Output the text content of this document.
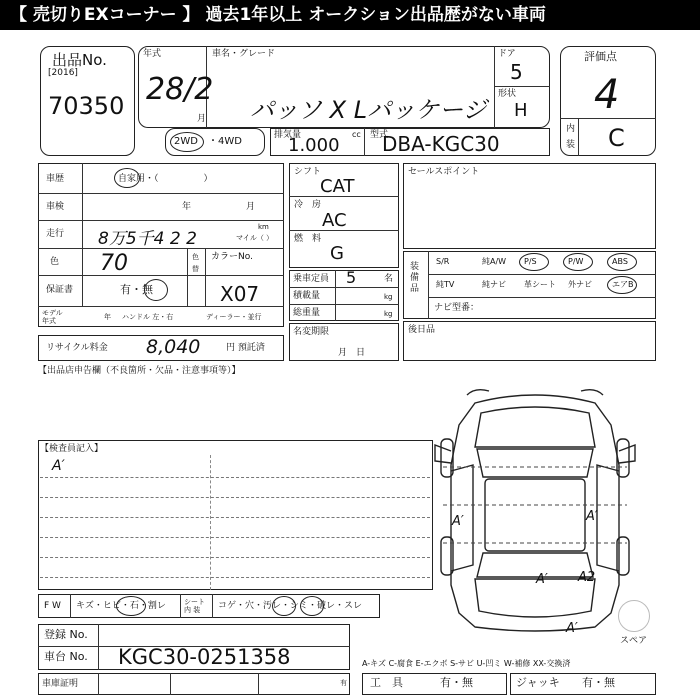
【 売切りEXコーナー 】 過去1年以上 オークション出品歴がない車両
出品No.
[2016]
70350
年式
28/2
月
車名・グレード
パッソ X Lパッケージ
ドア
5
形状
H
評価点
4
内
装 C
2WD ・4WD
排気量	cc
1.000	型式
DBA-KGC30
車歴	自家用・（　　　　　）
車検	年	月
走行 8万5千4 2 2
km
マイル（ ）
色 70	色
替
カラーNo.
X07
保証書	有・無
モデル
年式	年 ハンドル 左・右	ディーラー・並行
リサイクル料金 8,040	円 預託済
シフト
CAT
冷　房
AC
燃　料
G
乗車定員 5	名
積載量	kg
総重量	kg
名変期限
月　日
セールスポイント
装備品
S/R	純A/W P/S	P/W	ABS
純TV	純ナビ 革シート 外ナビ	エアB
ナビ型番：
後日品
【出品店申告欄（不良箇所・欠品・注意事項等）】
【検査員記入】
A′
A′	A′
A′ A2
A′
スペア
F W キズ・ヒビ・石・割レ	シート内 装	コゲ・穴・汚レ・シミ・破レ・スレ
登録 No.
車台 No. KGC30-0251358	A-キズ C-腐食 E-エクボ S-サビ U-凹ミ W-補修 XX-交換済
車庫証明	有 工　具	有・無	ジャッキ 有・無
